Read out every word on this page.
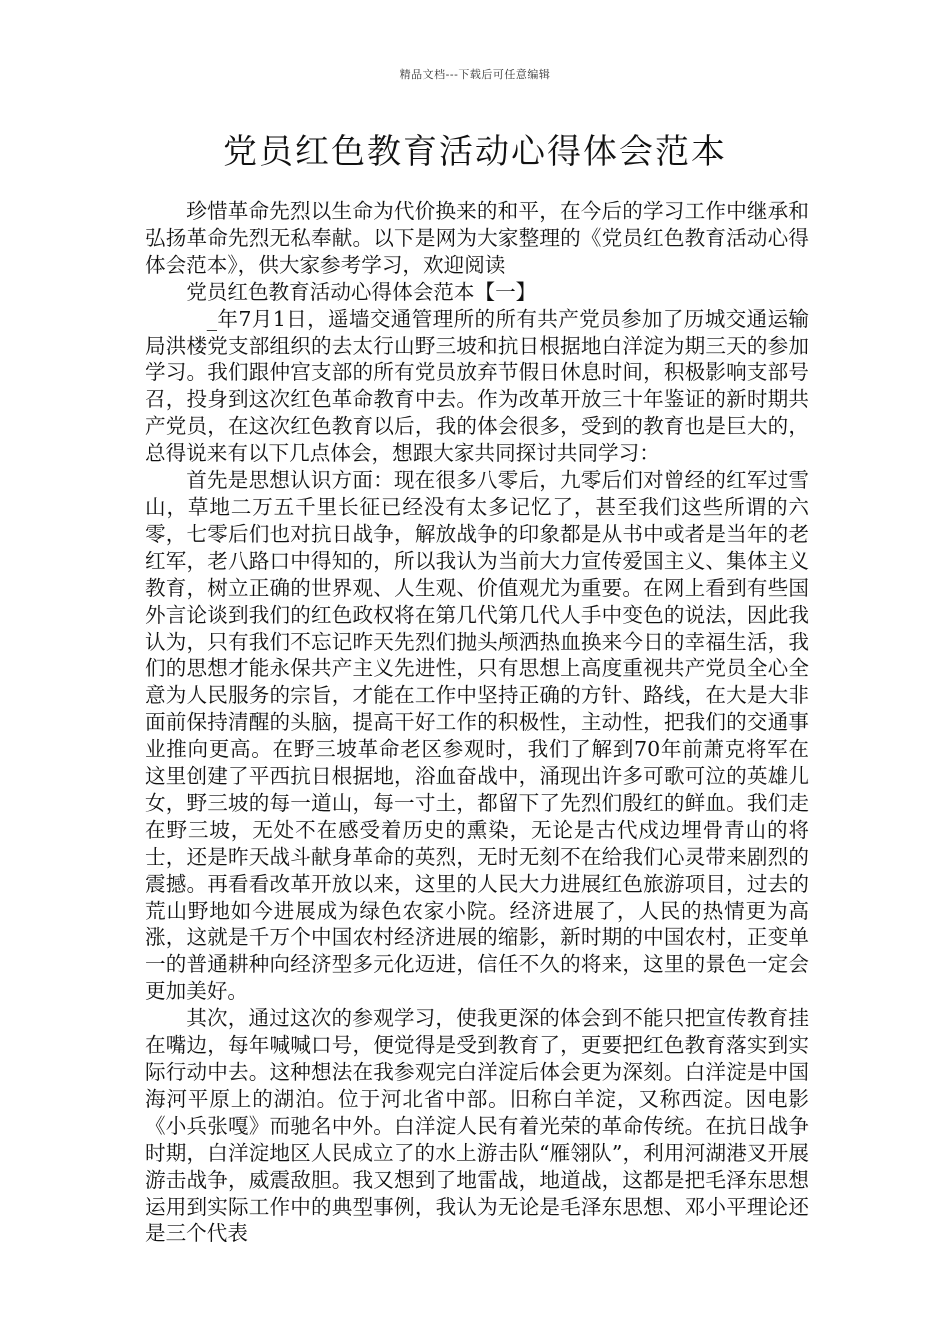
精品文档---下载后可任意编辑
党员红色教育活动心得体会范本

珍惜革命先烈以生命为代价换来的和平，在今后的学习工作中继承和弘扬革命先烈无私奉献。以下是网为大家整理的《党员红色教育活动心得体会范本》，供大家参考学习，欢迎阅读

党员红色教育活动心得体会范本【一】

_年7月1日，遥墙交通管理所的所有共产党员参加了历城交通运输局洪楼党支部组织的去太行山野三坡和抗日根据地白洋淀为期三天的参加学习。我们跟仲宫支部的所有党员放弃节假日休息时间，积极影响支部号召，投身到这次红色革命教育中去。作为改革开放三十年鉴证的新时期共产党员，在这次红色教育以后，我的体会很多，受到的教育也是巨大的，总得说来有以下几点体会，想跟大家共同探讨共同学习：

首先是思想认识方面：现在很多八零后，九零后们对曾经的红军过雪山，草地二万五千里长征已经没有太多记忆了，甚至我们这些所谓的六零，七零后们也对抗日战争，解放战争的印象都是从书中或者是当年的老红军，老八路口中得知的，所以我认为当前大力宣传爱国主义、集体主义教育，树立正确的世界观、人生观、价值观尤为重要。在网上看到有些国外言论谈到我们的红色政权将在第几代第几代人手中变色的说法，因此我认为，只有我们不忘记昨天先烈们抛头颅洒热血换来今日的幸福生活，我们的思想才能永保共产主义先进性，只有思想上高度重视共产党员全心全意为人民服务的宗旨，才能在工作中坚持正确的方针、路线，在大是大非面前保持清醒的头脑，提高干好工作的积极性，主动性，把我们的交通事业推向更高。在野三坡革命老区参观时，我们了解到70年前萧克将军在这里创建了平西抗日根据地，浴血奋战中，涌现出许多可歌可泣的英雄儿女，野三坡的每一道山，每一寸土，都留下了先烈们殷红的鲜血。我们走在野三坡，无处不在感受着历史的熏染，无论是古代戍边埋骨青山的将士，还是昨天战斗献身革命的英烈，无时无刻不在给我们心灵带来剧烈的震撼。再看看改革开放以来，这里的人民大力进展红色旅游项目，过去的荒山野地如今进展成为绿色农家小院。经济进展了，人民的热情更为高涨，这就是千万个中国农村经济进展的缩影，新时期的中国农村，正变单一的普通耕种向经济型多元化迈进，信任不久的将来，这里的景色一定会更加美好。

其次，通过这次的参观学习，使我更深的体会到不能只把宣传教育挂在嘴边，每年喊喊口号，便觉得是受到教育了，更要把红色教育落实到实际行动中去。这种想法在我参观完白洋淀后体会更为深刻。白洋淀是中国海河平原上的湖泊。位于河北省中部。旧称白羊淀，又称西淀。因电影《小兵张嘎》而驰名中外。白洋淀人民有着光荣的革命传统。在抗日战争时期，白洋淀地区人民成立了的水上游击队“雁翎队”，利用河湖港叉开展游击战争，威震敌胆。我又想到了地雷战，地道战，这都是把毛泽东思想运用到实际工作中的典型事例，我认为无论是毛泽东思想、邓小平理论还是三个代表
